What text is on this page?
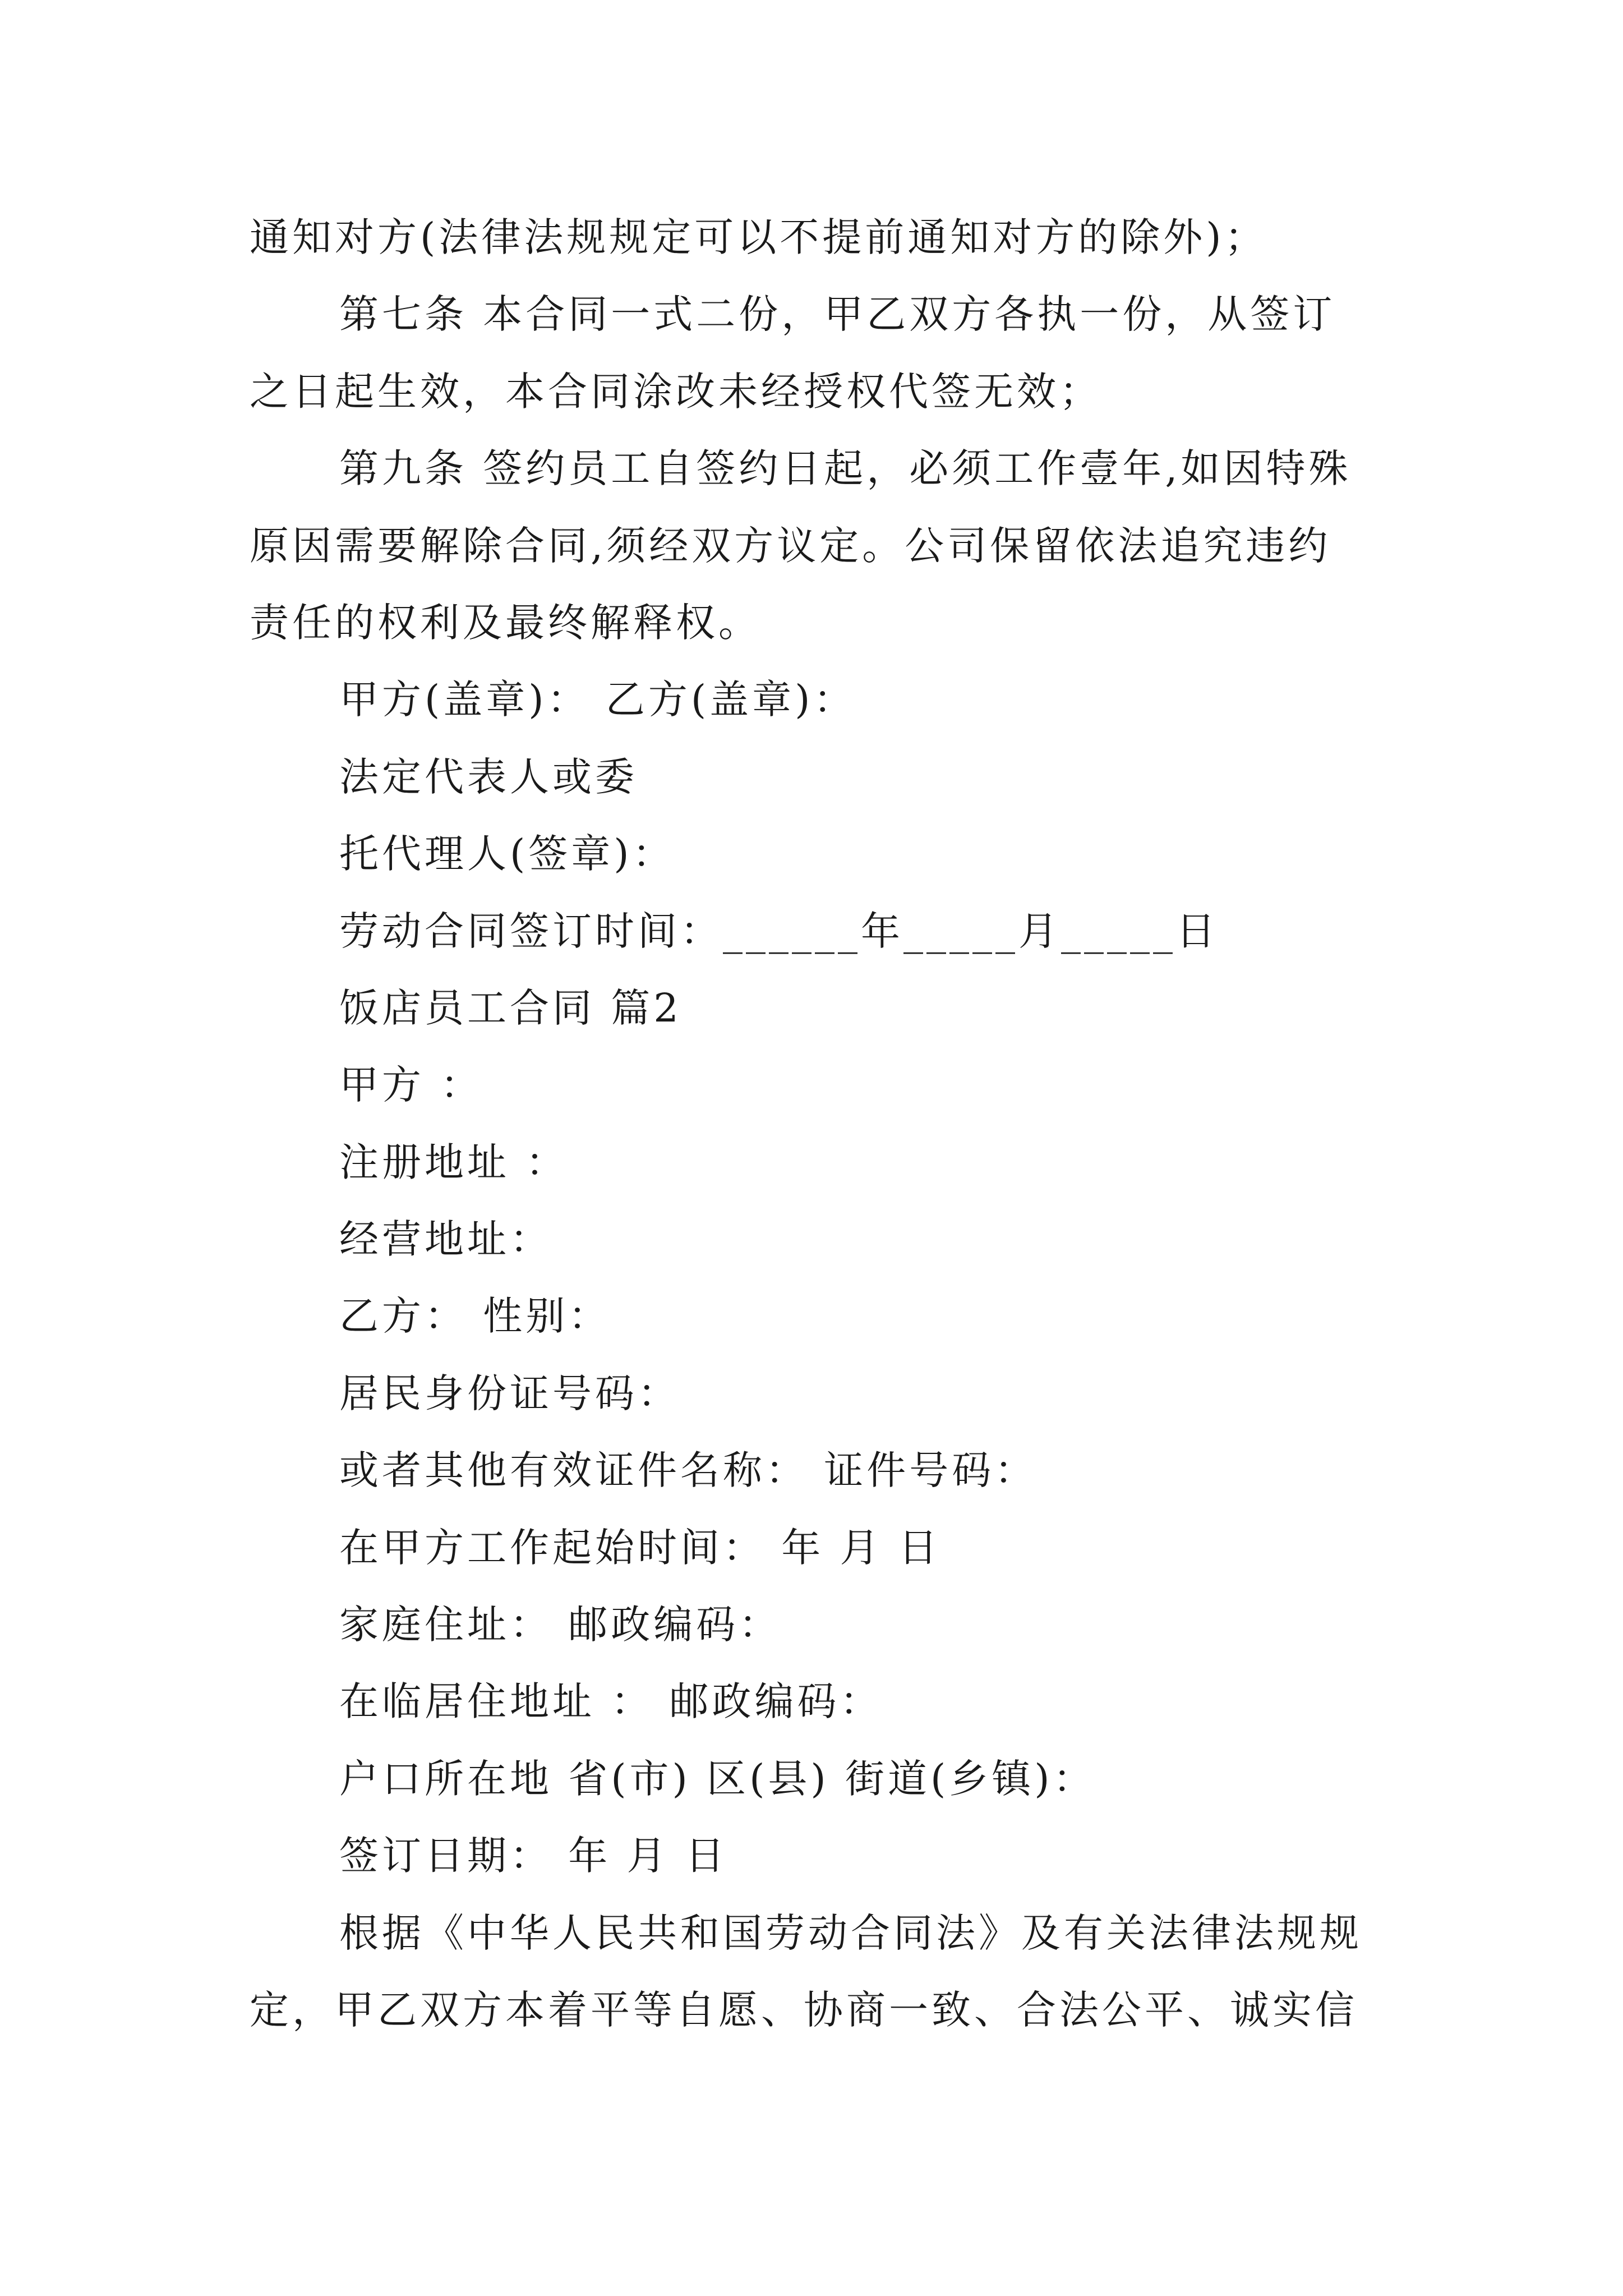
通知对方(法律法规规定可以不提前通知对方的除外)；
第七条 本合同一式二份，甲乙双方各执一份，从签订
之日起生效，本合同涂改未经授权代签无效；
第九条 签约员工自签约日起，必须工作壹年,如因特殊
原因需要解除合同,须经双方议定。公司保留依法追究违约
责任的权利及最终解释权。
甲方(盖章)： 乙方(盖章)：
法定代表人或委
托代理人(签章)：
劳动合同签订时间：______年_____月_____日
饭店员工合同 篇2
甲方 ：
注册地址 ：
经营地址：
乙方： 性别：
居民身份证号码：
或者其他有效证件名称： 证件号码：
在甲方工作起始时间： 年 月 日
家庭住址： 邮政编码：
在临居住地址 ： 邮政编码：
户口所在地 省(市) 区(县) 街道(乡镇)：
签订日期： 年 月 日
根据《中华人民共和国劳动合同法》及有关法律法规规
定，甲乙双方本着平等自愿、协商一致、合法公平、诚实信
